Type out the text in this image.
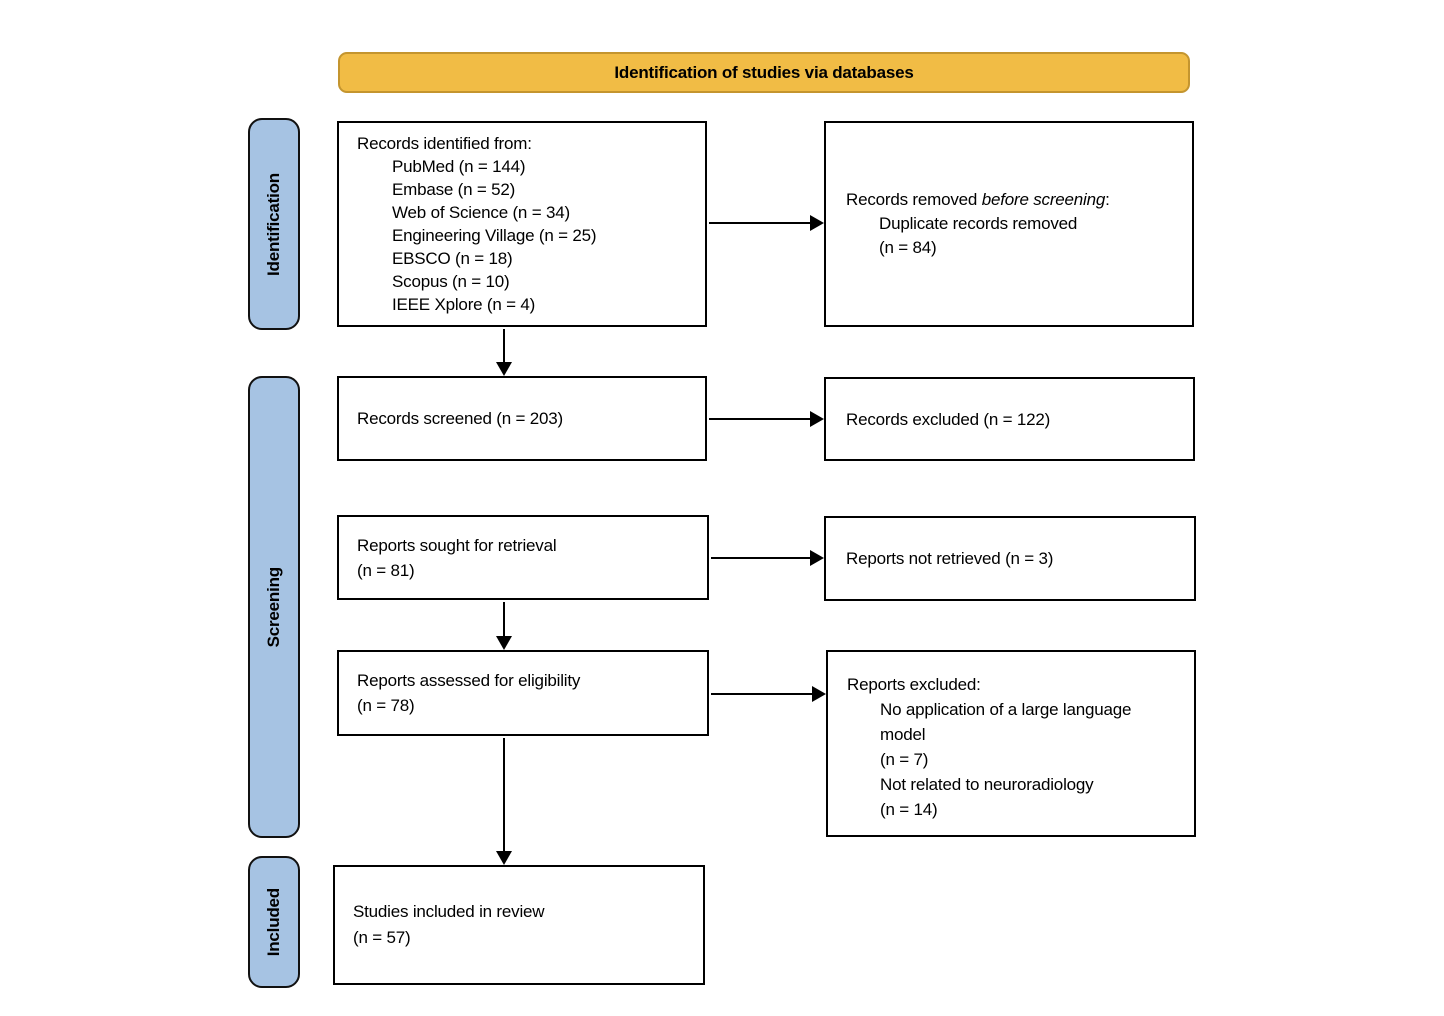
Identification of studies via databases
Identification
Screening
Included
Records identified from:
PubMed (n = 144)
Embase (n = 52)
Web of Science (n = 34)
Engineering Village (n = 25)
EBSCO (n = 18)
Scopus (n = 10)
IEEE Xplore (n = 4)
Records removed before screening:
Duplicate records removed
(n = 84)
Records screened (n = 203)	Records excluded (n = 122)
Reports sought for retrieval
(n = 81)
Reports not retrieved (n = 3)
Reports assessed for eligibility
(n = 78)
Reports excluded:
No application of a large language
model
(n = 7)
Not related to neuroradiology
(n = 14)
Studies included in review
(n = 57)
